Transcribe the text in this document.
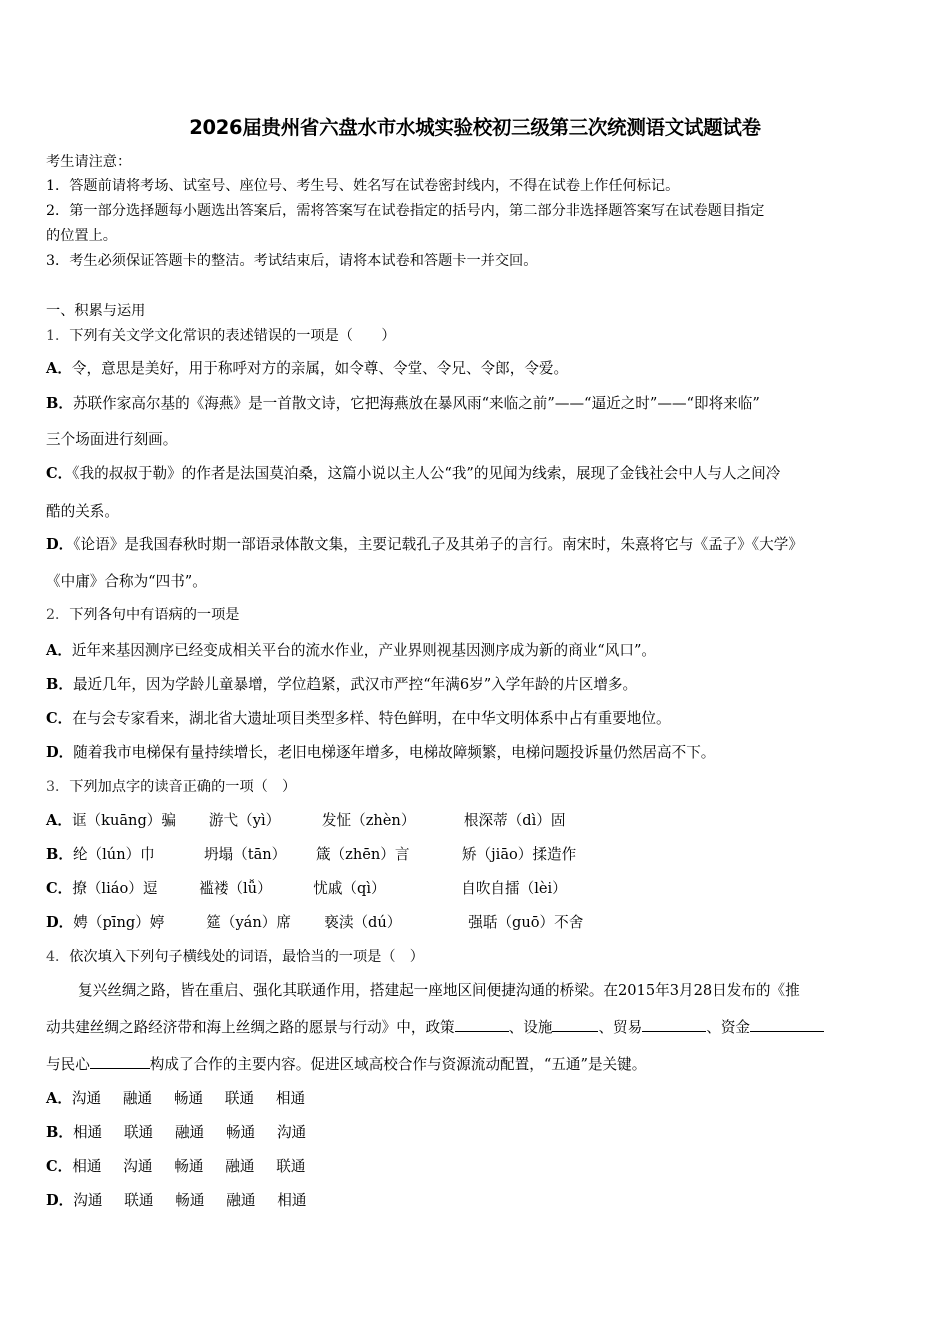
2026届贵州省六盘水市水城实验校初三级第三次统测语文试题试卷
考生请注意：
1．答题前请将考场、试室号、座位号、考生号、姓名写在试卷密封线内，不得在试卷上作任何标记。
2．第一部分选择题每小题选出答案后，需将答案写在试卷指定的括号内，第二部分非选择题答案写在试卷题目指定
的位置上。
3．考生必须保证答题卡的整洁。考试结束后，请将本试卷和答题卡一并交回。
一、积累与运用
1．下列有关文学文化常识的表述错误的一项是（　　）
A．令，意思是美好，用于称呼对方的亲属，如令尊、令堂、令兄、令郎，令爱。
B．苏联作家高尔基的《海燕》是一首散文诗，它把海燕放在暴风雨“来临之前”——“逼近之时”——“即将来临”
三个场面进行刻画。
C．《我的叔叔于勒》的作者是法国莫泊桑，这篇小说以主人公“我”的见闻为线索，展现了金钱社会中人与人之间冷
酷的关系。
D．《论语》是我国春秋时期一部语录体散文集，主要记载孔子及其弟子的言行。南宋时，朱熹将它与《孟子》《大学》
《中庸》合称为“四书”。
2．下列各句中有语病的一项是
A．近年来基因测序已经变成相关平台的流水作业，产业界则视基因测序成为新的商业“风口”。
B．最近几年，因为学龄儿童暴增，学位趋紧，武汉市严控“年满6岁”入学年龄的片区增多。
C．在与会专家看来，湖北省大遗址项目类型多样、特色鲜明，在中华文明体系中占有重要地位。
D．随着我市电梯保有量持续增长，老旧电梯逐年增多，电梯故障频繁，电梯问题投诉量仍然居高不下。
3．下列加点字的读音正确的一项（　）
A．诓（kuāng）骗 游弋（yì）	发怔（zhèn）	根深蒂（dì）固
B．纶（lún）巾	坍塌（tān） 箴（zhēn）言	矫（jiāo）揉造作
C．撩（liáo）逗	褴褛（lǚ）	忧戚（qì）	自吹自擂（lèi）
D．娉（pīng）婷	筵（yán）席 亵渎（dú）	强聒（guō）不舍
4．依次填入下列句子横线处的词语，最恰当的一项是（　）
复兴丝绸之路，皆在重启、强化其联通作用，搭建起一座地区间便捷沟通的桥梁。在2015年3月28日发布的《推
动共建丝绸之路经济带和海上丝绸之路的愿景与行动》中，政策	、设施	、贸易	、资金
与民心	构成了合作的主要内容。促进区域高校合作与资源流动配置，“五通”是关键。
A．沟通 融通 畅通 联通 相通
B．相通 联通 融通 畅通 沟通
C．相通 沟通 畅通 融通 联通
D．沟通 联通 畅通 融通 相通
